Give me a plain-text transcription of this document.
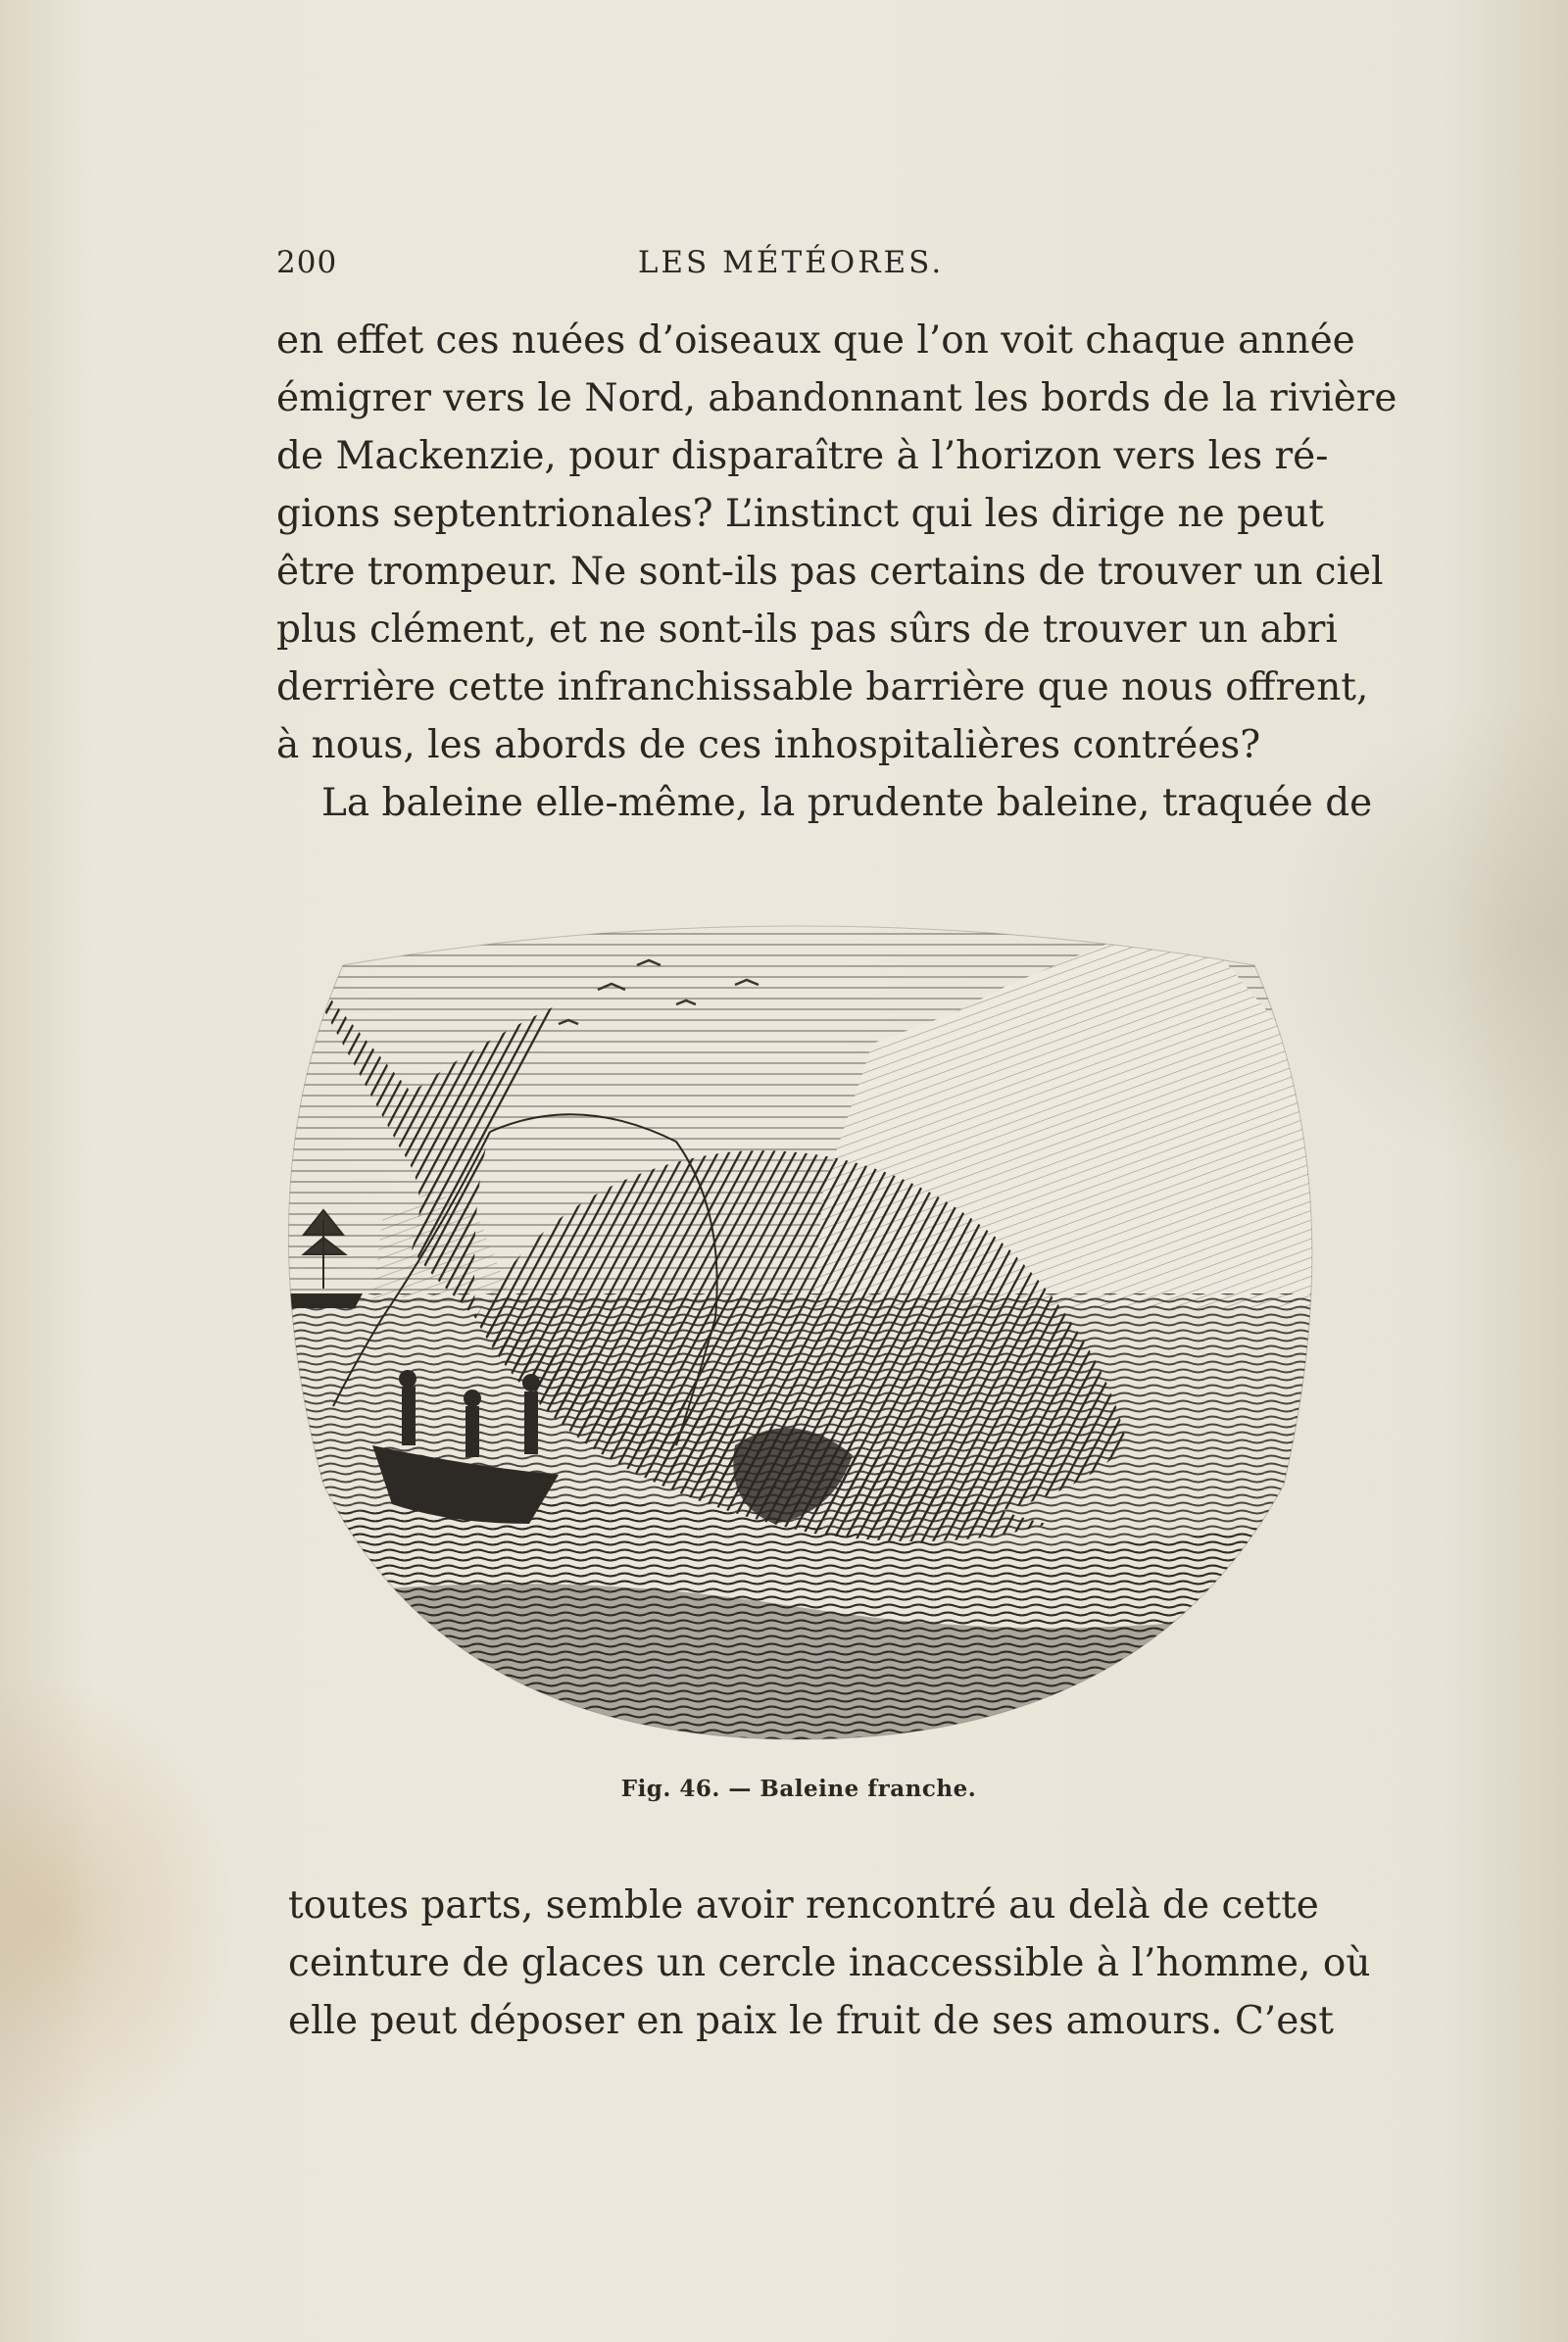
200	LES MÉTÉORES.
en effet ces nuées d’oiseaux que l’on voit chaque année
émigrer vers le Nord, abandonnant les bords de la rivière
de Mackenzie, pour disparaître à l’horizon vers les ré-
gions septentrionales? L’instinct qui les dirige ne peut
être trompeur. Ne sont-ils pas certains de trouver un ciel
plus clément, et ne sont-ils pas sûrs de trouver un abri
derrière cette infranchissable barrière que nous offrent,
à nous, les abords de ces inhospitalières contrées?
La baleine elle-même, la prudente baleine, traquée de
Fig. 46. — Baleine franche.
toutes parts, semble avoir rencontré au delà de cette
ceinture de glaces un cercle inaccessible à l’homme, où
elle peut déposer en paix le fruit de ses amours. C’est
